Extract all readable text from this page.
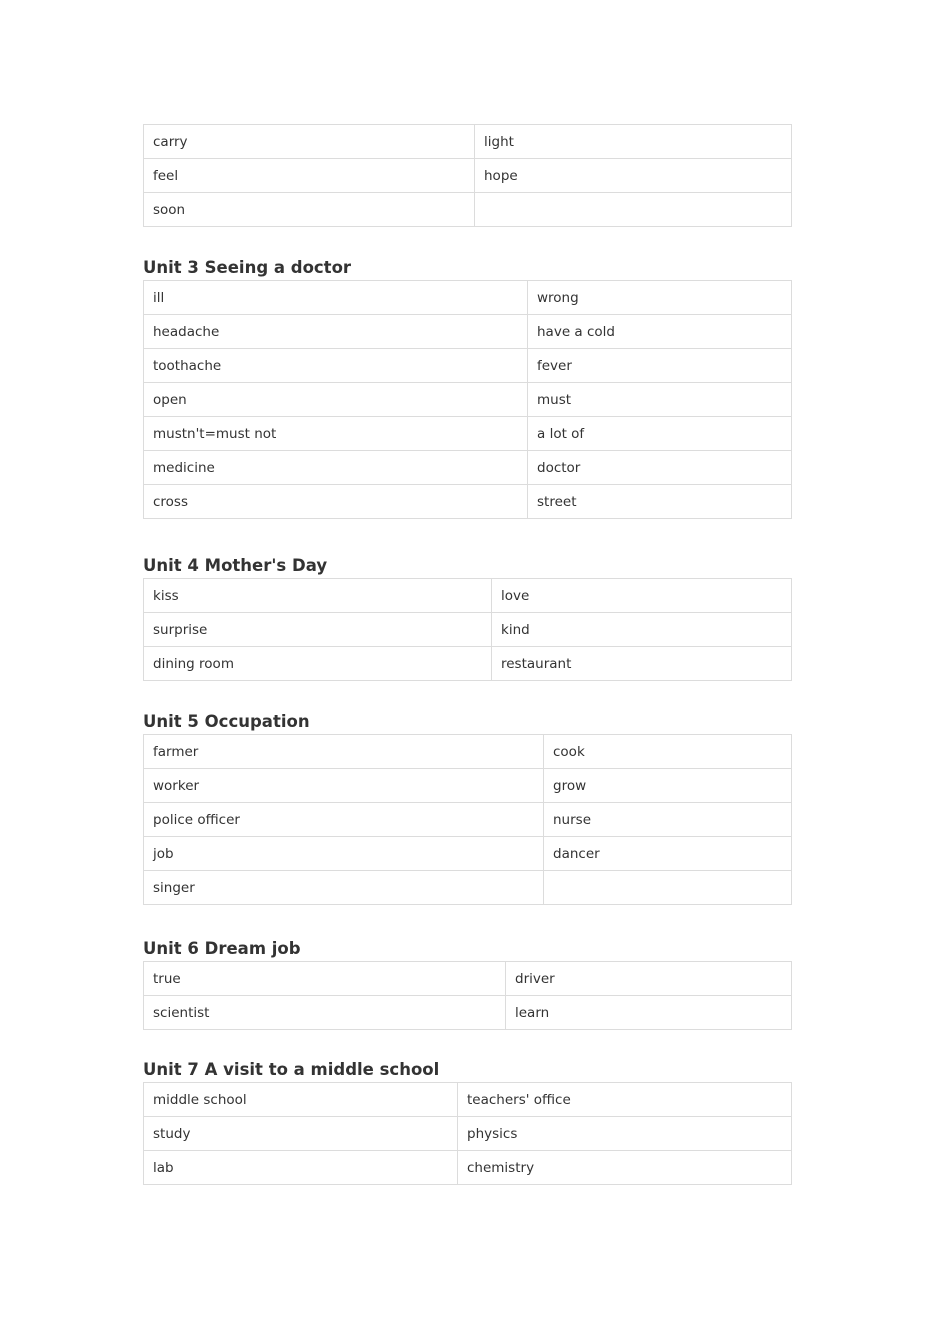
carry	light
feel	hope
soon	
Unit 3 Seeing a doctor
ill	wrong
headache	have a cold
toothache	fever
open	must
mustn't=must not	a lot of
medicine	doctor
cross	street
Unit 4 Mother's Day
kiss	love
surprise	kind
dining room	restaurant
Unit 5 Occupation
farmer	cook
worker	grow
police officer	nurse
job	dancer
singer	
Unit 6 Dream job
true	driver
scientist	learn
Unit 7 A visit to a middle school
middle school	teachers' office
study	physics
lab	chemistry
